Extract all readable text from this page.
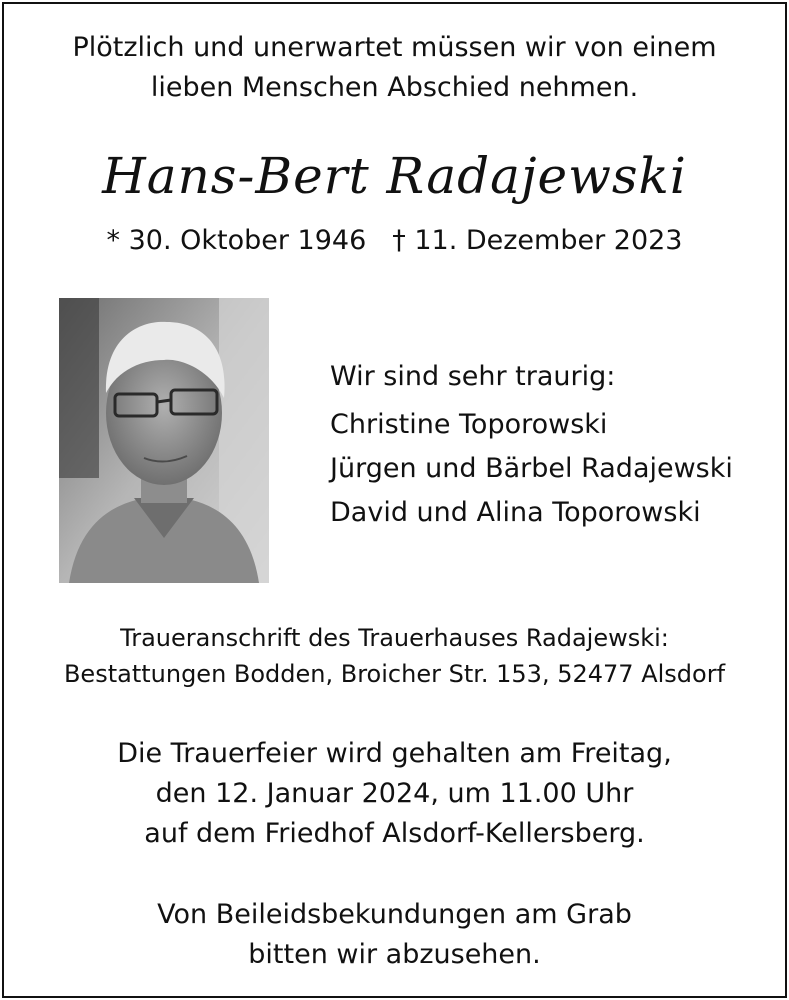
Plötzlich und unerwartet müssen wir von einem
lieben Menschen Abschied nehmen.
Hans-Bert Radajewski
* 30. Oktober 1946 † 11. Dezember 2023
Wir sind sehr traurig:
Christine Toporowski
Jürgen und Bärbel Radajewski
David und Alina Toporowski
Traueranschrift des Trauerhauses Radajewski:
Bestattungen Bodden, Broicher Str. 153, 52477 Alsdorf
Die Trauerfeier wird gehalten am Freitag,
den 12. Januar 2024, um 11.00 Uhr
auf dem Friedhof Alsdorf-Kellersberg.
Von Beileidsbekundungen am Grab
bitten wir abzusehen.
